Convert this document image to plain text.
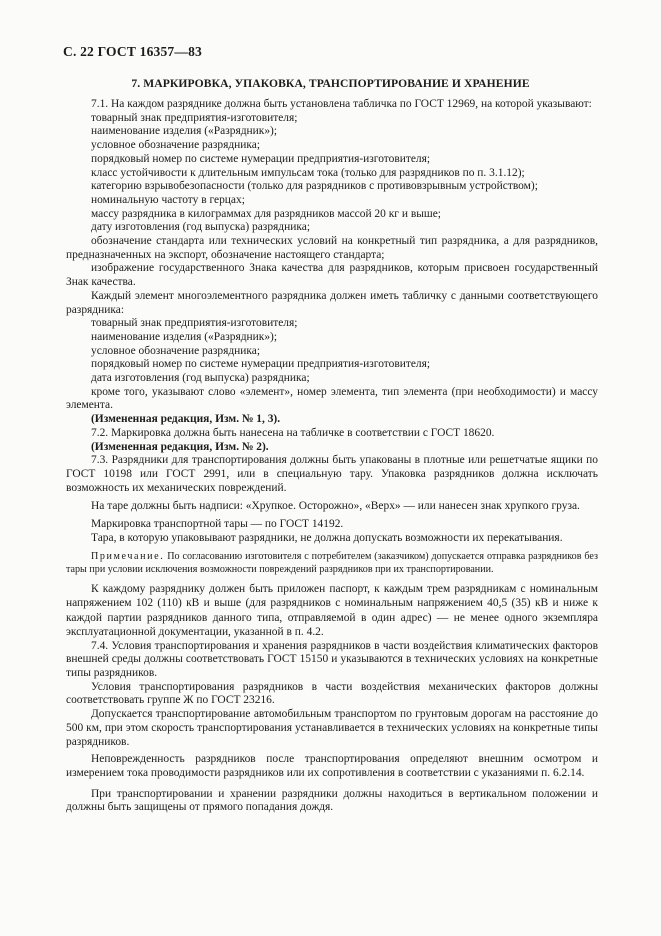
С. 22 ГОСТ 16357—83
7. МАРКИРОВКА, УПАКОВКА, ТРАНСПОРТИРОВАНИЕ И ХРАНЕНИЕ

7.1. На каждом разряднике должна быть установлена табличка по ГОСТ 12969, на которой указывают:

товарный знак предприятия-изготовителя;

наименование изделия («Разрядник»);

условное обозначение разрядника;

порядковый номер по системе нумерации предприятия-изготовителя;

класс устойчивости к длительным импульсам тока (только для разрядников по п. 3.1.12);

категорию взрывобезопасности (только для разрядников с противовзрывным устройством);

номинальную частоту в герцах;

массу разрядника в килограммах для разрядников массой 20 кг и выше;

дату изготовления (год выпуска) разрядника;

обозначение стандарта или технических условий на конкретный тип разрядника, а для разрядников, предназначенных на экспорт, обозначение настоящего стандарта;

изображение государственного Знака качества для разрядников, которым присвоен государственный Знак качества.

Каждый элемент многоэлементного разрядника должен иметь табличку с данными соответствующего разрядника:

товарный знак предприятия-изготовителя;

наименование изделия («Разрядник»);

условное обозначение разрядника;

порядковый номер по системе нумерации предприятия-изготовителя;

дата изготовления (год выпуска) разрядника;

кроме того, указывают слово «элемент», номер элемента, тип элемента (при необходимости) и массу элемента.

(Измененная редакция, Изм. № 1, 3).

7.2. Маркировка должна быть нанесена на табличке в соответствии с ГОСТ 18620.

(Измененная редакция, Изм. № 2).

7.3. Разрядники для транспортирования должны быть упакованы в плотные или решетчатые ящики по ГОСТ 10198 или ГОСТ 2991, или в специальную тару. Упаковка разрядников должна исключать возможность их механических повреждений.

На таре должны быть надписи: «Хрупкое. Осторожно», «Верх» — или нанесен знак хрупкого груза.

Маркировка транспортной тары — по ГОСТ 14192.

Тара, в которую упаковывают разрядники, не должна допускать возможности их перекатывания.

Примечание. По согласованию изготовителя с потребителем (заказчиком) допускается отправка разрядников без тары при условии исключения возможности повреждений разрядников при их транспортировании.

К каждому разряднику должен быть приложен паспорт, к каждым трем разрядникам с номинальным напряжением 102 (110) кВ и выше (для разрядников с номинальным напряжением 40,5 (35) кВ и ниже к каждой партии разрядников данного типа, отправляемой в один адрес) — не менее одного экземпляра эксплуатационной документации, указанной в п. 4.2.

7.4. Условия транспортирования и хранения разрядников в части воздействия климатических факторов внешней среды должны соответствовать ГОСТ 15150 и указываются в технических условиях на конкретные типы разрядников.

Условия транспортирования разрядников в части воздействия механических факторов должны соответствовать группе Ж по ГОСТ 23216.

Допускается транспортирование автомобильным транспортом по грунтовым дорогам на расстояние до 500 км, при этом скорость транспортирования устанавливается в технических условиях на конкретные типы разрядников.

Неповрежденность разрядников после транспортирования определяют внешним осмотром и измерением тока проводимости разрядников или их сопротивления в соответствии с указаниями п. 6.2.14.

При транспортировании и хранении разрядники должны находиться в вертикальном положении и должны быть защищены от прямого попадания дождя.
